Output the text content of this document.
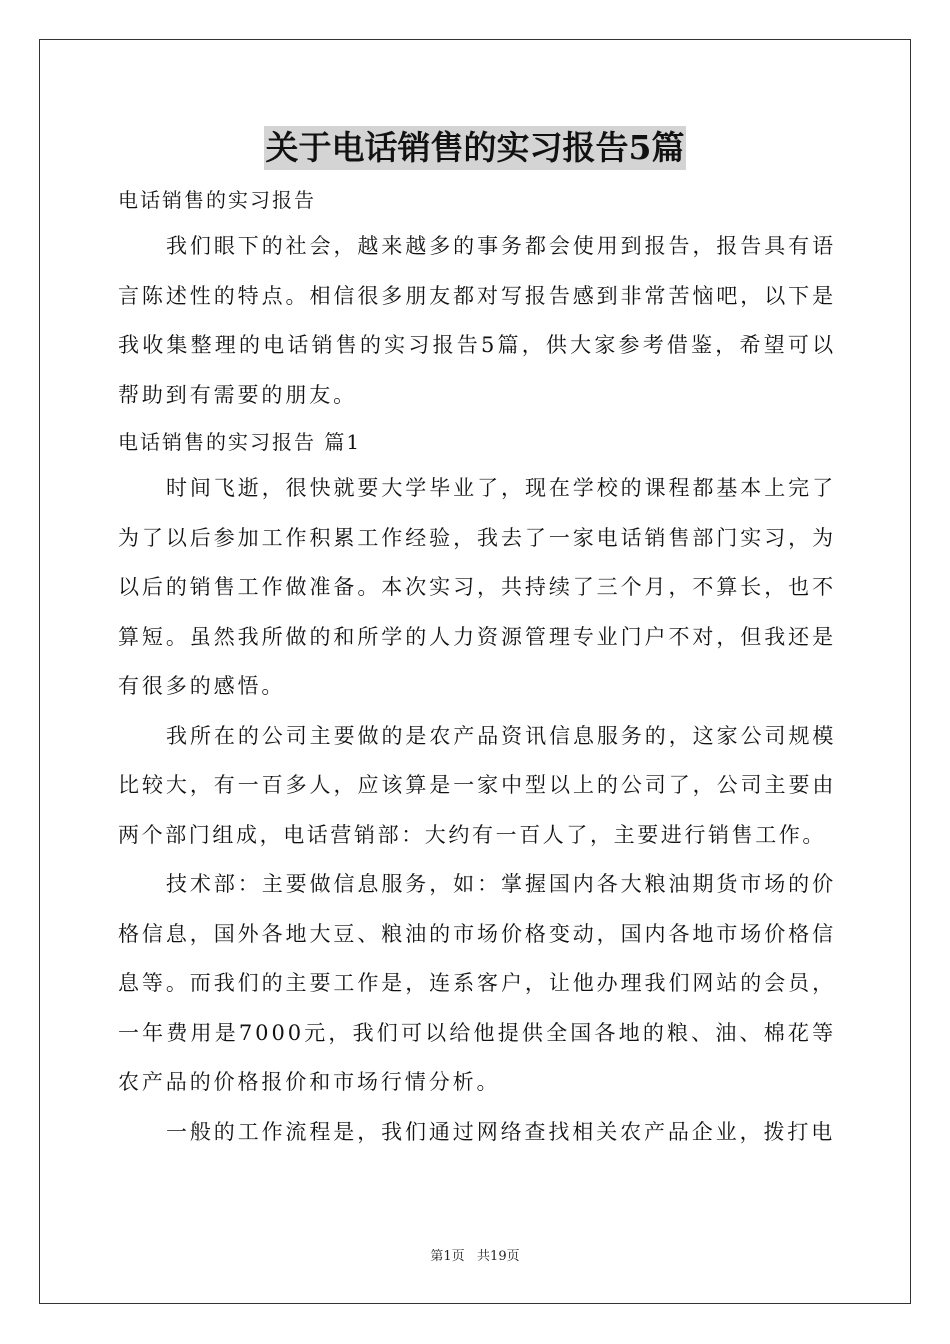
关于电话销售的实习报告5篇

电话销售的实习报告

我们眼下的社会，越来越多的事务都会使用到报告，报告具有语言陈述性的特点。相信很多朋友都对写报告感到非常苦恼吧，以下是我收集整理的电话销售的实习报告5篇，供大家参考借鉴，希望可以帮助到有需要的朋友。

电话销售的实习报告 篇1

时间飞逝，很快就要大学毕业了，现在学校的课程都基本上完了为了以后参加工作积累工作经验，我去了一家电话销售部门实习，为以后的销售工作做准备。本次实习，共持续了三个月，不算长，也不算短。虽然我所做的和所学的人力资源管理专业门户不对，但我还是有很多的感悟。

我所在的公司主要做的是农产品资讯信息服务的，这家公司规模比较大，有一百多人，应该算是一家中型以上的公司了，公司主要由两个部门组成，电话营销部：大约有一百人了，主要进行销售工作。

技术部：主要做信息服务，如：掌握国内各大粮油期货市场的价格信息，国外各地大豆、粮油的市场价格变动，国内各地市场价格信息等。而我们的主要工作是，连系客户，让他办理我们网站的会员，一年费用是7000元，我们可以给他提供全国各地的粮、油、棉花等农产品的价格报价和市场行情分析。

一般的工作流程是，我们通过网络查找相关农产品企业，拨打电

第1页   共19页
